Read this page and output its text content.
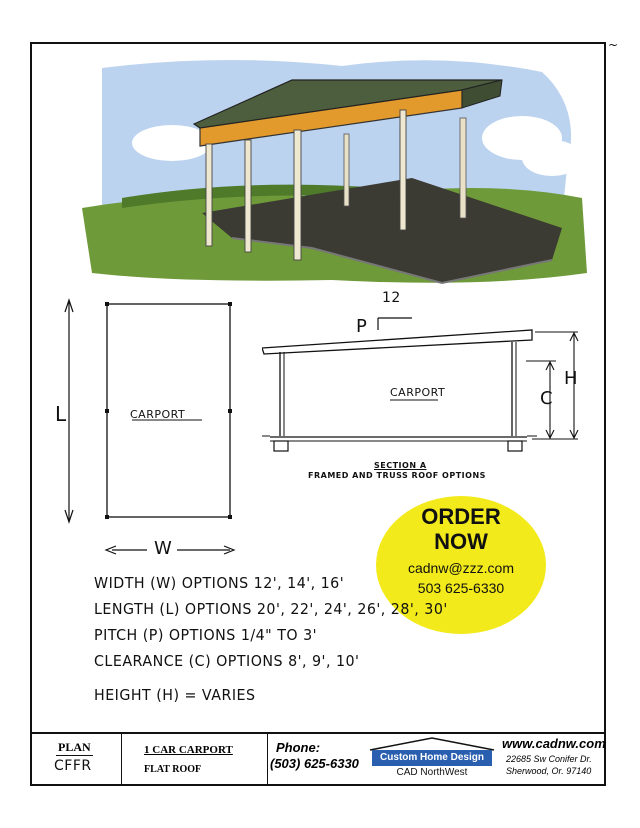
~
CARPORT
L
W
P
12
CARPORT	C
H
SECTION A
FRAMED AND TRUSS ROOF OPTIONS
ORDER
NOW
cadnw@zzz.com
503 625-6330
WIDTH (W) OPTIONS 12', 14', 16'
LENGTH (L) OPTIONS 20', 22', 24', 26', 28', 30'
PITCH (P) OPTIONS 1/4" TO 3'
CLEARANCE (C) OPTIONS 8', 9', 10'
HEIGHT (H) = VARIES
PLAN
CFFR
1 CAR CARPORT
FLAT ROOF
Phone:
(503) 625-6330	Custom Home Design
CAD NorthWest
www.cadnw.com
22685 Sw Conifer Dr.
Sherwood, Or. 97140
